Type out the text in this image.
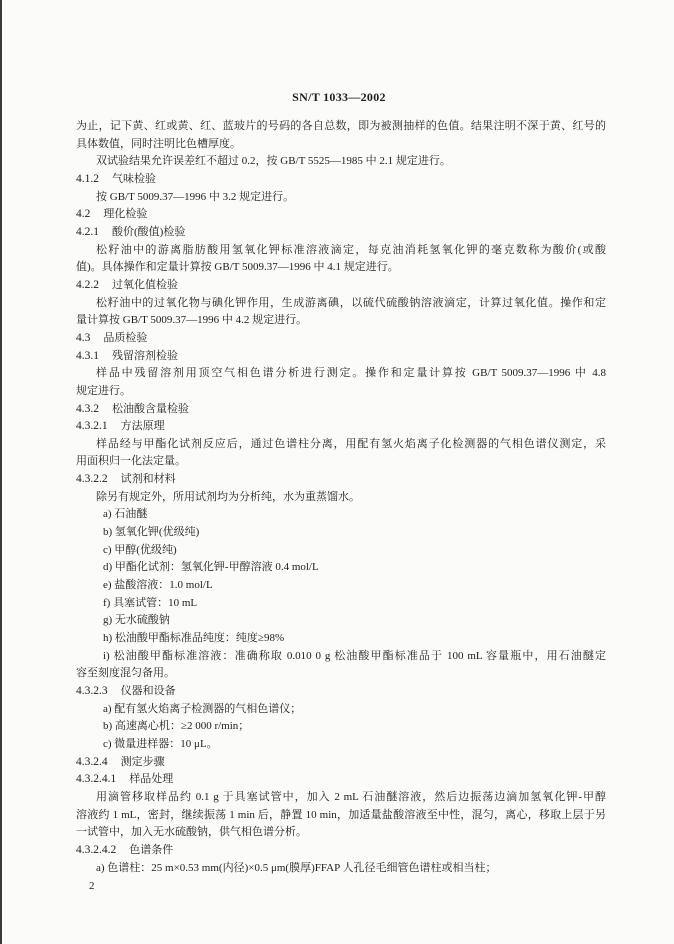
SN/T 1033—2002
为止，记下黄、红或黄、红、蓝玻片的号码的各自总数，即为被测抽样的色值。结果注明不深于黄、红号的
具体数值，同时注明比色槽厚度。
双试验结果允许误差红不超过 0.2，按 GB/T 5525—1985 中 2.1 规定进行。
4.1.2 气味检验
按 GB/T 5009.37—1996 中 3.2 规定进行。
4.2 理化检验
4.2.1 酸价(酸值)检验
松籽油中的游离脂肪酸用氢氧化钾标准溶液滴定，每克油消耗氢氧化钾的毫克数称为酸价(或酸
值)。具体操作和定量计算按 GB/T 5009.37—1996 中 4.1 规定进行。
4.2.2 过氧化值检验
松籽油中的过氧化物与碘化钾作用，生成游离碘，以硫代硫酸钠溶液滴定，计算过氧化值。操作和定
量计算按 GB/T 5009.37—1996 中 4.2 规定进行。
4.3 品质检验
4.3.1 残留溶剂检验
样品中残留溶剂用顶空气相色谱分析进行测定。操作和定量计算按 GB/T 5009.37—1996 中 4.8
规定进行。
4.3.2 松油酸含量检验
4.3.2.1 方法原理
样品经与甲酯化试剂反应后，通过色谱柱分离，用配有氢火焰离子化检测器的气相色谱仪测定，采
用面积归一化法定量。
4.3.2.2 试剂和材料
除另有规定外，所用试剂均为分析纯，水为重蒸馏水。
a) 石油醚
b) 氢氧化钾(优级纯)
c) 甲醇(优级纯)
d) 甲酯化试剂：氢氧化钾-甲醇溶液 0.4 mol/L
e) 盐酸溶液：1.0 mol/L
f) 具塞试管：10 mL
g) 无水硫酸钠
h) 松油酸甲酯标准品纯度：纯度≥98%
i) 松油酸甲酯标准溶液：准确称取 0.010 0 g 松油酸甲酯标准品于 100 mL 容量瓶中，用石油醚定
容至刻度混匀备用。
4.3.2.3 仪器和设备
a) 配有氢火焰离子检测器的气相色谱仪；
b) 高速离心机：≥2 000 r/min；
c) 微量进样器：10 μL。
4.3.2.4 测定步骤
4.3.2.4.1 样品处理
用滴管移取样品约 0.1 g 于具塞试管中，加入 2 mL 石油醚溶液，然后边振荡边滴加氢氧化钾-甲醇
溶液约 1 mL，密封，继续振荡 1 min 后，静置 10 min，加适量盐酸溶液至中性，混匀，离心，移取上层于另
一试管中，加入无水硫酸钠，供气相色谱分析。
4.3.2.4.2 色谱条件
a) 色谱柱：25 m×0.53 mm(内径)×0.5 μm(膜厚)FFAP 人孔径毛细管色谱柱或相当柱；
2
